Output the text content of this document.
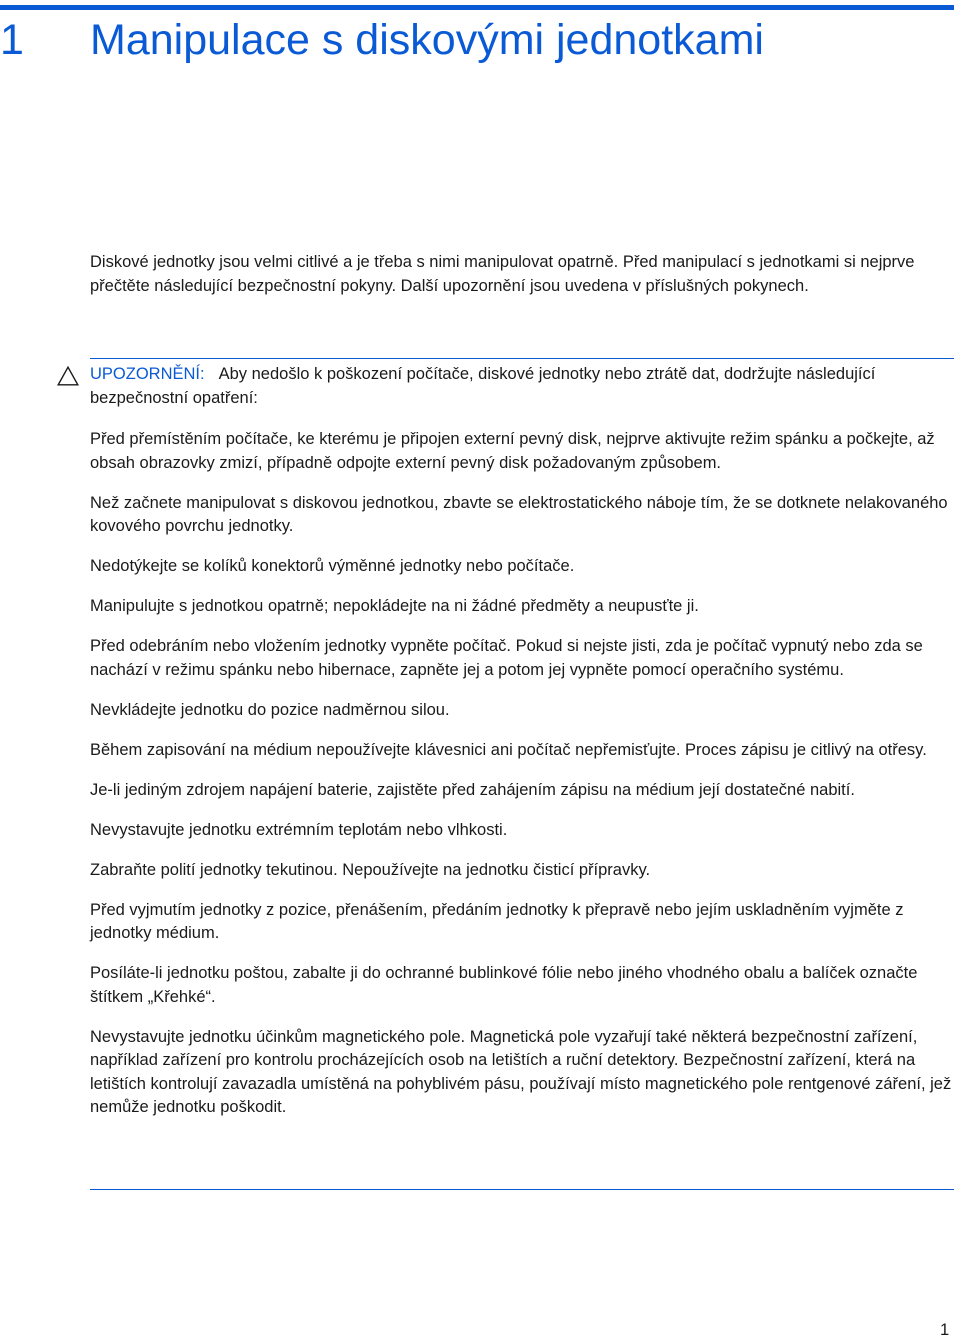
1 Manipulace s diskovými jednotkami

Diskové jednotky jsou velmi citlivé a je třeba s nimi manipulovat opatrně. Před manipulací s jednotkami si nejprve přečtěte následující bezpečnostní pokyny. Další upozornění jsou uvedena v příslušných pokynech.

UPOZORNĚNÍ: Aby nedošlo k poškození počítače, diskové jednotky nebo ztrátě dat, dodržujte následující bezpečnostní opatření:

Před přemístěním počítače, ke kterému je připojen externí pevný disk, nejprve aktivujte režim spánku a počkejte, až obsah obrazovky zmizí, případně odpojte externí pevný disk požadovaným způsobem.

Než začnete manipulovat s diskovou jednotkou, zbavte se elektrostatického náboje tím, že se dotknete nelakovaného kovového povrchu jednotky.

Nedotýkejte se kolíků konektorů výměnné jednotky nebo počítače.

Manipulujte s jednotkou opatrně; nepokládejte na ni žádné předměty a neupusťte ji.

Před odebráním nebo vložením jednotky vypněte počítač. Pokud si nejste jisti, zda je počítač vypnutý nebo zda se nachází v režimu spánku nebo hibernace, zapněte jej a potom jej vypněte pomocí operačního systému.

Nevkládejte jednotku do pozice nadměrnou silou.

Během zapisování na médium nepoužívejte klávesnici ani počítač nepřemisťujte. Proces zápisu je citlivý na otřesy.

Je-li jediným zdrojem napájení baterie, zajistěte před zahájením zápisu na médium její dostatečné nabití.

Nevystavujte jednotku extrémním teplotám nebo vlhkosti.

Zabraňte polití jednotky tekutinou. Nepoužívejte na jednotku čisticí přípravky.

Před vyjmutím jednotky z pozice, přenášením, předáním jednotky k přepravě nebo jejím uskladněním vyjměte z jednotky médium.

Posíláte-li jednotku poštou, zabalte ji do ochranné bublinkové fólie nebo jiného vhodného obalu a balíček označte štítkem „Křehké“.

Nevystavujte jednotku účinkům magnetického pole. Magnetická pole vyzařují také některá bezpečnostní zařízení, například zařízení pro kontrolu procházejících osob na letištích a ruční detektory. Bezpečnostní zařízení, která na letištích kontrolují zavazadla umístěná na pohyblivém pásu, používají místo magnetického pole rentgenové záření, jež nemůže jednotku poškodit.

1
